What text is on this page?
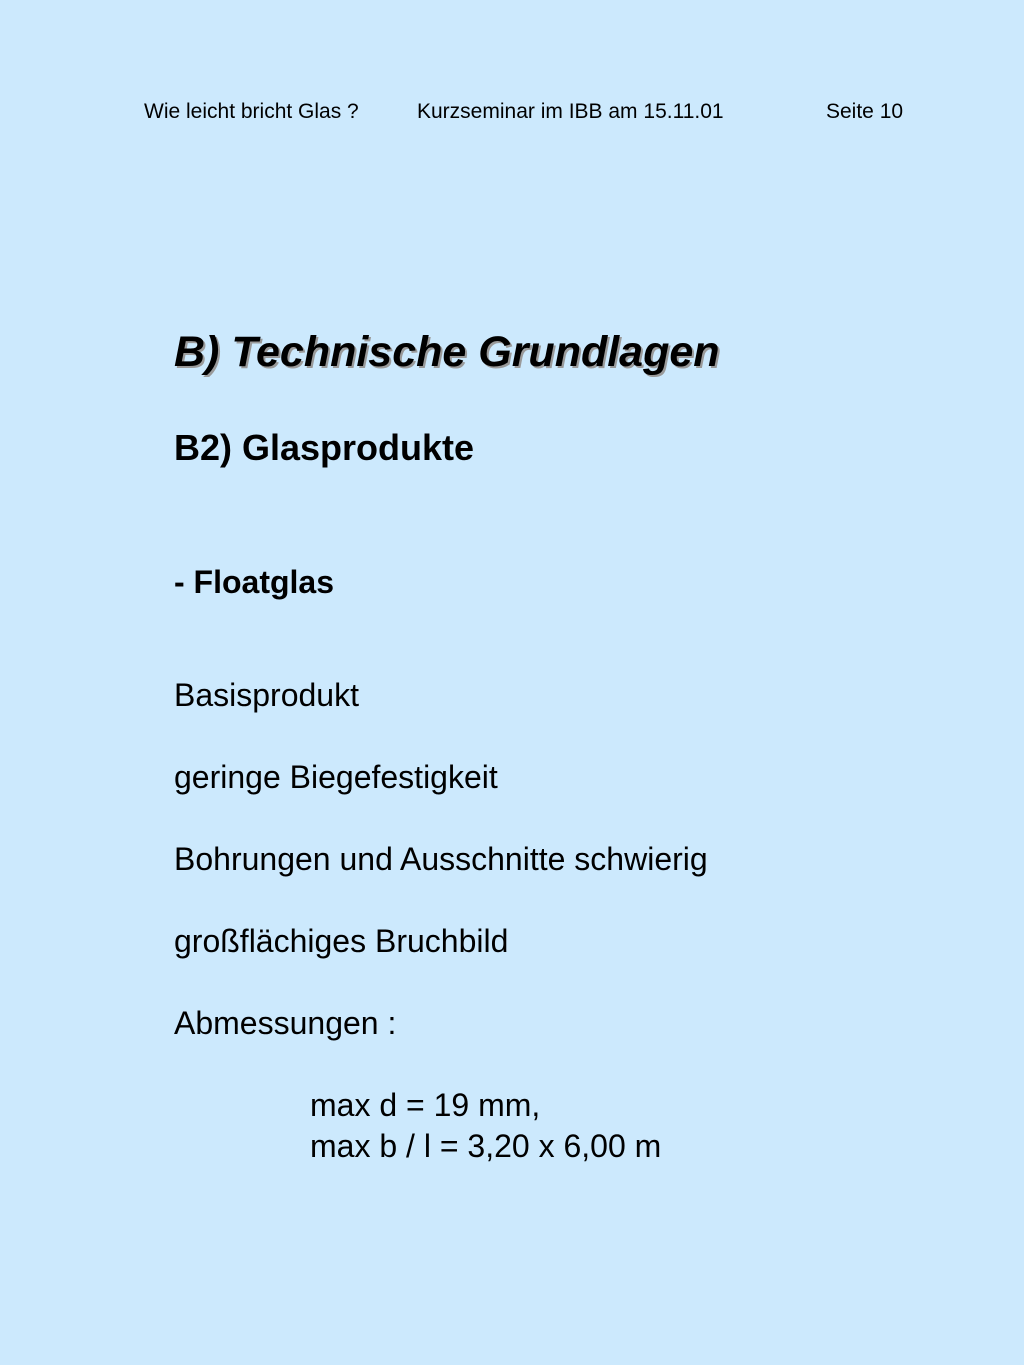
Wie leicht bricht Glas ?	Kurzseminar im IBB am 15.11.01	Seite 10
B) Technische Grundlagen
B2) Glasprodukte
- Floatglas
Basisprodukt
geringe Biegefestigkeit
Bohrungen und Ausschnitte schwierig
großflächiges Bruchbild
Abmessungen :
max d = 19 mm,
max b / l = 3,20 x 6,00 m
